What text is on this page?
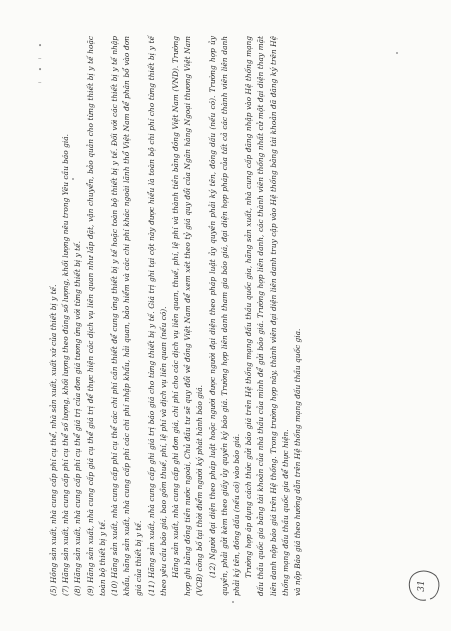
•
–
•
–

(5) Hồng sản xuất, nhà cung cấp phí cụ thể, nhà sản xuất, xuất xứ của thiết bị y tế. (7) Hãng sản xuất, nhà cung cấp phí cụ thể số lượng, khối lượng theo đúng số lượng, khối lượng nêu trong Yêu cầu báo giá. (8) Hãng sản xuất, nhà cung cấp phí cụ thể giá trị của đơn giá tương ứng với từng thiết bị y tế. (9) Hãng sản xuất, nhà cung cấp giá cụ thể giá trị để thực hiện các dịch vụ liên quan như lắp đặt, vận chuyển, bảo quản cho từng thiết bị y tế hoặc toàn bộ thiết bị y tế. (10) Hãng sản xuất, nhà cung cấp phí cụ thể các chi phí cần thiết để cung ứng thiết bị y tế hoặc toàn bộ thiết bị y tế. Đối với các thiết bị y tế nhập khẩu, hãng sản xuất, nhà cung cấp phí các chi phí nhập khẩu, hải quan, bảo hiểm và các chi phí khác ngoài lãnh thổ Việt Nam để phân bổ vào đơn giá của thiết bị y tế. (11) Hãng sản xuất, nhà cung cấp ghi giá trị báo giá cho từng thiết bị y tế. Giá trị ghi tại cột này được hiểu là toàn bộ chi phí cho từng thiết bị y tế theo yêu cầu báo giá, bao gồm thuế, phí, lệ phí và dịch vụ liên quan (nếu có). Hãng sản xuất, nhà cung cấp ghi đơn giá, chi phí cho các dịch vụ liên quan, thuế, phí, lệ phí và thành tiền bằng đồng Việt Nam (VND). Trường hợp ghi bằng đồng tiền nước ngoài, Chủ đầu tư sẽ quy đổi về đồng Việt Nam để xem xét theo tỷ giá quy đổi của Ngân hàng Ngoại thương Việt Nam (VCB) công bố tại thời điểm người ký phát hành báo giá. (12) Người đại diện theo pháp luật hoặc người được người đại diện theo pháp luật ủy quyền phải ký tên, đóng dấu (nếu có). Trường hợp ủy quyền, phải gửi kèm theo giấy ủy quyền ký báo giá. Trường hợp liên danh tham gia báo giá, đại diện hợp pháp của tất cả các thành viên liên danh phải ký tên, đóng dấu (nếu có) vào báo giá. Trường hợp áp dụng cách thức gửi báo giá trên Hệ thống mạng đấu thầu quốc gia, hãng sản xuất, nhà cung cấp đăng nhập vào Hệ thống mạng đấu thầu quốc gia bằng tài khoản của nhà thầu của mình để gửi báo giá. Trường hợp liên danh, các thành viên thống nhất cử một đại diện thay mặt liên danh nộp báo giá trên Hệ thống. Trong trường hợp này, thành viên đại diện liên danh truy cập vào Hệ thống bằng tài khoản đã đăng ký trên Hệ thống mạng đấu thầu quốc gia để thực hiện. và nộp Báo giá theo hướng dẫn trên Hệ thống mạng đấu thầu quốc gia.	31
